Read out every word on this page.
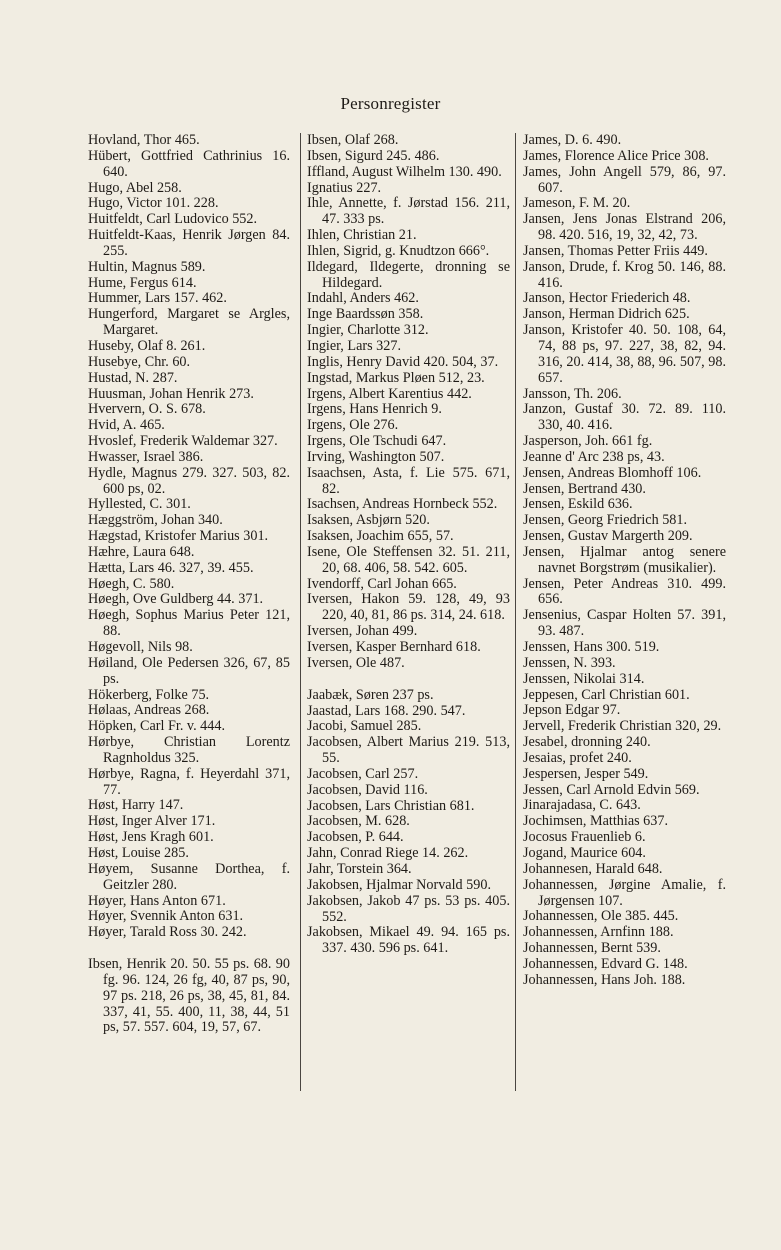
Personregister
Hovland, Thor 465.
Hübert, Gottfried Cathrinius 16. 640.
Hugo, Abel 258.
Hugo, Victor 101. 228.
Huitfeldt, Carl Ludovico 552.
Huitfeldt-Kaas, Henrik Jørgen 84. 255.
Hultin, Magnus 589.
Hume, Fergus 614.
Hummer, Lars 157. 462.
Hungerford, Margaret se Argles, Margaret.
Huseby, Olaf 8. 261.
Husebye, Chr. 60.
Hustad, N. 287.
Huusman, Johan Henrik 273.
Hververn, O. S. 678.
Hvid, A. 465.
Hvoslef, Frederik Waldemar 327.
Hwasser, Israel 386.
Hydle, Magnus 279. 327. 503, 82. 600 ps, 02.
Hyllested, C. 301.
Hæggström, Johan 340.
Hægstad, Kristofer Marius 301.
Hæhre, Laura 648.
Hætta, Lars 46. 327, 39. 455.
Høegh, C. 580.
Høegh, Ove Guldberg 44. 371.
Høegh, Sophus Marius Peter 121, 88.
Høgevoll, Nils 98.
Høiland, Ole Pedersen 326, 67, 85 ps.
Hökerberg, Folke 75.
Hølaas, Andreas 268.
Höpken, Carl Fr. v. 444.
Hørbye, Christian Lorentz Ragnholdus 325.
Hørbye, Ragna, f. Heyerdahl 371, 77.
Høst, Harry 147.
Høst, Inger Alver 171.
Høst, Jens Kragh 601.
Høst, Louise 285.
Høyem, Susanne Dorthea, f. Geitzler 280.
Høyer, Hans Anton 671.
Høyer, Svennik Anton 631.
Høyer, Tarald Ross 30. 242.
Ibsen, Henrik 20. 50. 55 ps. 68. 90 fg. 96. 124, 26 fg, 40, 87 ps, 90, 97 ps. 218, 26 ps, 38, 45, 81, 84. 337, 41, 55. 400, 11, 38, 44, 51 ps, 57. 557. 604, 19, 57, 67.
Ibsen, Olaf 268.
Ibsen, Sigurd 245. 486.
Iffland, August Wilhelm 130. 490.
Ignatius 227.
Ihle, Annette, f. Jørstad 156. 211, 47. 333 ps.
Ihlen, Christian 21.
Ihlen, Sigrid, g. Knudtzon 666°.
Ildegard, Ildegerte, dronning se Hildegard.
Indahl, Anders 462.
Inge Baardssøn 358.
Ingier, Charlotte 312.
Ingier, Lars 327.
Inglis, Henry David 420. 504, 37.
Ingstad, Markus Pløen 512, 23.
Irgens, Albert Karentius 442.
Irgens, Hans Henrich 9.
Irgens, Ole 276.
Irgens, Ole Tschudi 647.
Irving, Washington 507.
Isaachsen, Asta, f. Lie 575. 671, 82.
Isachsen, Andreas Hornbeck 552.
Isaksen, Asbjørn 520.
Isaksen, Joachim 655, 57.
Isene, Ole Steffensen 32. 51. 211, 20, 68. 406, 58. 542. 605.
Ivendorff, Carl Johan 665.
Iversen, Hakon 59. 128, 49, 93 220, 40, 81, 86 ps. 314, 24. 618.
Iversen, Johan 499.
Iversen, Kasper Bernhard 618.
Iversen, Ole 487.
Jaabæk, Søren 237 ps.
Jaastad, Lars 168. 290. 547.
Jacobi, Samuel 285.
Jacobsen, Albert Marius 219. 513, 55.
Jacobsen, Carl 257.
Jacobsen, David 116.
Jacobsen, Lars Christian 681.
Jacobsen, M. 628.
Jacobsen, P. 644.
Jahn, Conrad Riege 14. 262.
Jahr, Torstein 364.
Jakobsen, Hjalmar Norvald 590.
Jakobsen, Jakob 47 ps. 53 ps. 405. 552.
Jakobsen, Mikael 49. 94. 165 ps. 337. 430. 596 ps. 641.
James, D. 6. 490.
James, Florence Alice Price 308.
James, John Angell 579, 86, 97. 607.
Jameson, F. M. 20.
Jansen, Jens Jonas Elstrand 206, 98. 420. 516, 19, 32, 42, 73.
Jansen, Thomas Petter Friis 449.
Janson, Drude, f. Krog 50. 146, 88. 416.
Janson, Hector Friederich 48.
Janson, Herman Didrich 625.
Janson, Kristofer 40. 50. 108, 64, 74, 88 ps, 97. 227, 38, 82, 94. 316, 20. 414, 38, 88, 96. 507, 98. 657.
Jansson, Th. 206.
Janzon, Gustaf 30. 72. 89. 110. 330, 40. 416.
Jasperson, Joh. 661 fg.
Jeanne d' Arc 238 ps, 43.
Jensen, Andreas Blomhoff 106.
Jensen, Bertrand 430.
Jensen, Eskild 636.
Jensen, Georg Friedrich 581.
Jensen, Gustav Margerth 209.
Jensen, Hjalmar antog senere navnet Borgstrøm (musikalier).
Jensen, Peter Andreas 310. 499. 656.
Jensenius, Caspar Holten 57. 391, 93. 487.
Jenssen, Hans 300. 519.
Jenssen, N. 393.
Jenssen, Nikolai 314.
Jeppesen, Carl Christian 601.
Jepson Edgar 97.
Jervell, Frederik Christian 320, 29.
Jesabel, dronning 240.
Jesaias, profet 240.
Jespersen, Jesper 549.
Jessen, Carl Arnold Edvin 569.
Jinarajadasa, C. 643.
Jochimsen, Matthias 637.
Jocosus Frauenlieb 6.
Jogand, Maurice 604.
Johannesen, Harald 648.
Johannessen, Jørgine Amalie, f. Jørgensen 107.
Johannessen, Ole 385. 445.
Johannessen, Arnfinn 188.
Johannessen, Bernt 539.
Johannessen, Edvard G. 148.
Johannessen, Hans Joh. 188.
